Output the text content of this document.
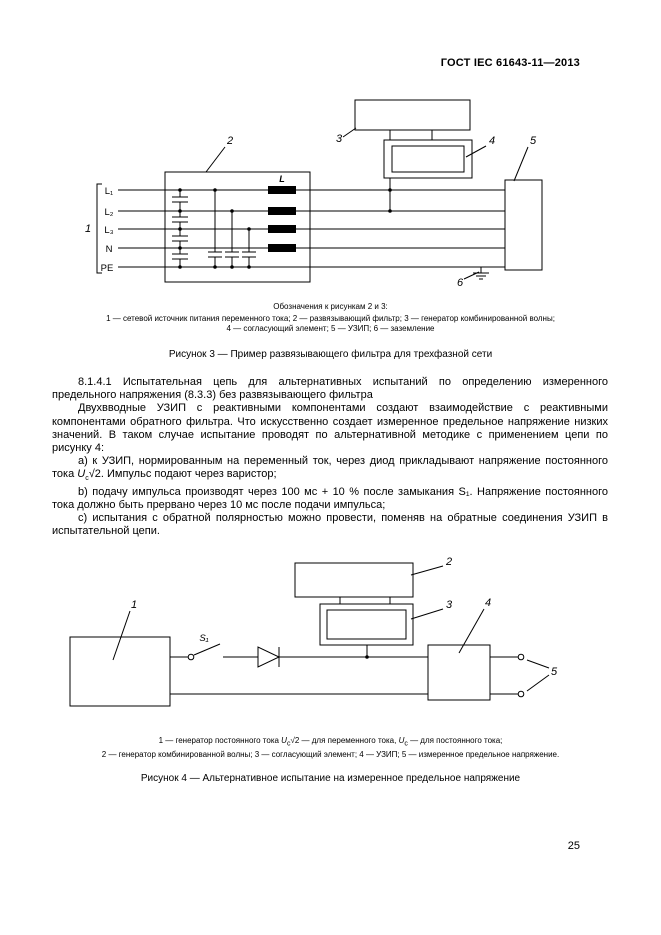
ГОСТ IEC 61643-11—2013
1
2	3	4	5
6
L
L₁
L₂
L₃
N
PE
Обозначения к рисункам 2 и 3:
1 — сетевой источник питания переменного тока; 2 — развязывающий фильтр; 3 — генератор комбинированной волны;
4 — согласующий элемент; 5 — УЗИП; 6 — заземление
Рисунок 3 — Пример развязывающего фильтра для трехфазной сети

8.1.4.1 Испытательная цепь для альтернативных испытаний по определению измеренного предельного напряжения (8.3.3) без развязывающего фильтра

Двухвводные УЗИП с реактивными компонентами создают взаимодействие с реактивными компонентами обратного фильтра. Что искусственно создает измеренное предельное напряжение низких значений. В таком случае испытание проводят по альтернативной методике с применением цепи по рисунку 4:

а) к УЗИП, нормированным на переменный ток, через диод прикладывают напряжение постоянного тока $U_c√2$. Импульс подают через варистор;

b) подачу импульса производят через 100 мс + 10 % после замыкания S₁. Напряжение постоянного тока должно быть прервано через 10 мс после подачи импульса;

с) испытания с обратной полярностью можно провести, поменяв на обратные соединения УЗИП в испытательной цепи.

1
2
3	4
5
S₁
1 — генератор постоянного тока $U_c√2$ — для переменного тока, $U_c$ — для постоянного тока;
2 — генератор комбинированной волны; 3 — согласующий элемент; 4 — УЗИП; 5 — измеренное предельное напряжение.
Рисунок 4 — Альтернативное испытание на измеренное предельное напряжение
25
